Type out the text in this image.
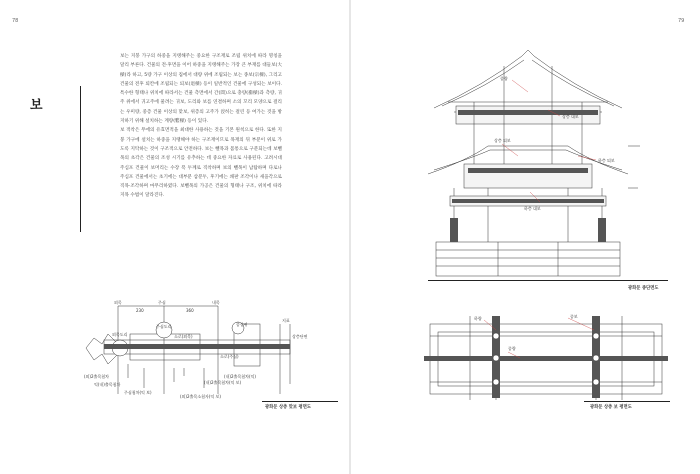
78	79
보

보는 지붕 가구의 하중을 지탱해주는 중요한 구조재로 조립 위치에 따라 명칭을 달리 부른다. 건물의 전·후면을 이어 하중을 지탱해주는 가장 큰 부재를 대들보(大樑)라 하고, 5량 가구 이상의 집에서 대량 위에 조립되는 보는 종보(宗樑), 그리고 건물의 전후 퇴칸에 조립되는 퇴보(退樑) 등이 일반적인 건물에 구성되는 보이다. 특수한 형태나 위치에 따라서는 건물 측면에서 간(間)으로 충량(衝樑)과 측량, 귀주 위에서 귀고주에 물려는 귀보, 도리와 보를 연결하며 소의 꼬리 모양으로 걸리는 우미량, 중층 건물 이상의 맞보, 위층의 고주가 얹히는 걸린 등 여가는 것을 방지하기 위해 설치하는 계량(繫樑) 등이 있다.

보 적착은 무에의 유효면적을 최대한 사용하는 것을 기본 원칙으로 한다. 또한 지붕 가구에 설치는 하중을 지탱해야 하는 구조재이므로 목재의 뒤 부분이 위로 가도록 지탁하는 것이 구조적으로 안전하다. 보는 뺄목과 몸통으로 구분되는데 보뺄목의 초각은 건물의 조성 시기를 유추하는 데 중요한 자료로 사용된다. 고려시대 주심포 건물이 보머리는 수장 폭 두께로 직착하며 보의 뺄목이 납탐하며 다로나 주심포 건물에서는 초기에는 대부분 삼분두, 후기에는 쇄판 조각이나 새을각으로 직목·조각하며 마무리하였다. 보뺄목의 가공은 건물의 형태나 구조, 위치에 따라 지목 수법이 달라진다.

종량
상층 대보
상층 퇴보
하층 퇴보
하층 대보
광화문 종단면도
하량	종보
종량
광화문 상층 보 평면도
외목	주심	내목
230	360
외목도리
주심도리	종장귀
소로(외목)
소로(주심)
지표
상층단면
(외)2출목첨차
익(내)출목첨차
주심첨차(익 보)
(외)2출목소첨자(익 보)
(내)2출목첨차(익)
(내)2출목첨차(익 보)
광화문 상층 맞보 평면도
